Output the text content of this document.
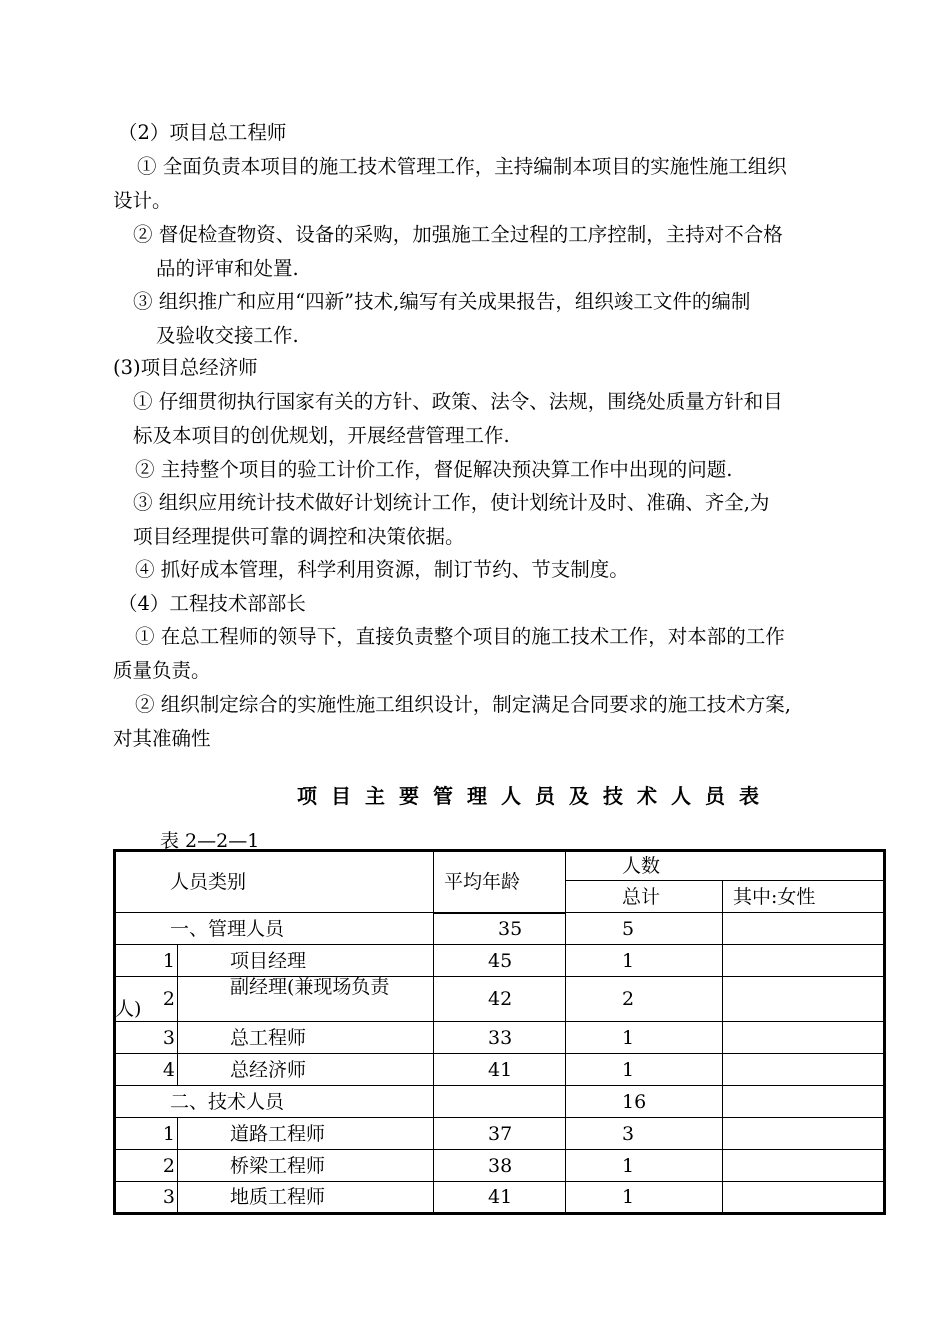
（2）项目总工程师
① 全面负责本项目的施工技术管理工作，主持编制本项目的实施性施工组织
设计。
② 督促检查物资、设备的采购，加强施工全过程的工序控制，主持对不合格
品的评审和处置.
③ 组织推广和应用“四新”技术,编写有关成果报告，组织竣工文件的编制
及验收交接工作.
(3)项目总经济师
① 仔细贯彻执行国家有关的方针、政策、法令、法规，围绕处质量方针和目
标及本项目的创优规划，开展经营管理工作.
② 主持整个项目的验工计价工作，督促解决预决算工作中出现的问题.
③ 组织应用统计技术做好计划统计工作，使计划统计及时、准确、齐全,为
项目经理提供可靠的调控和决策依据。
④ 抓好成本管理，科学利用资源，制订节约、节支制度。
（4）工程技术部部长
① 在总工程师的领导下，直接负责整个项目的施工技术工作，对本部的工作
质量负责。
② 组织制定综合的实施性施工组织设计，制定满足合同要求的施工技术方案,
对其准确性
项目主要管理人员及技术人员表
表 2—2—1
人员类别		平均年龄	人数	
			总计	其中:女性
一、管理人员		35	5	
1	项目经理	45	1	
2	副经理(兼现场负责人)	42	2	
3	总工程师	33	1	
4	总经济师	41	1	
二、技术人员			16	
1	道路工程师	37	3	
2	桥梁工程师	38	1	
3	地质工程师	41	1	
